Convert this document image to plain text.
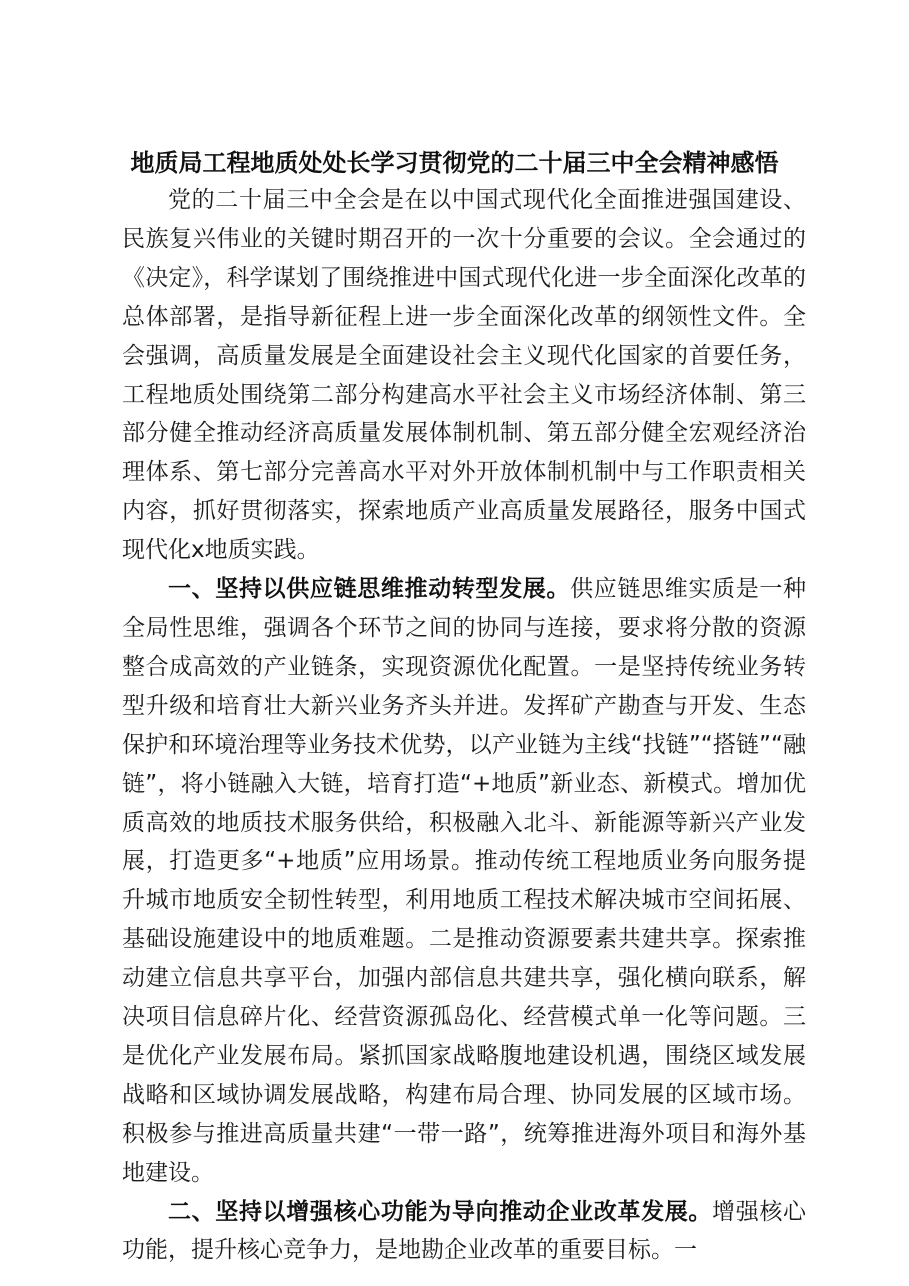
地质局工程地质处处长学习贯彻党的二十届三中全会精神感悟

党的二十届三中全会是在以中国式现代化全面推进强国建设、民族复兴伟业的关键时期召开的一次十分重要的会议。全会通过的《决定》，科学谋划了围绕推进中国式现代化进一步全面深化改革的总体部署，是指导新征程上进一步全面深化改革的纲领性文件。全会强调，高质量发展是全面建设社会主义现代化国家的首要任务，工程地质处围绕第二部分构建高水平社会主义市场经济体制、第三部分健全推动经济高质量发展体制机制、第五部分健全宏观经济治理体系、第七部分完善高水平对外开放体制机制中与工作职责相关内容，抓好贯彻落实，探索地质产业高质量发展路径，服务中国式现代化x地质实践。

一、坚持以供应链思维推动转型发展。供应链思维实质是一种全局性思维，强调各个环节之间的协同与连接，要求将分散的资源整合成高效的产业链条，实现资源优化配置。一是坚持传统业务转型升级和培育壮大新兴业务齐头并进。发挥矿产勘查与开发、生态保护和环境治理等业务技术优势，以产业链为主线“找链”“搭链”“融链”，将小链融入大链，培育打造“+地质”新业态、新模式。增加优质高效的地质技术服务供给，积极融入北斗、新能源等新兴产业发展，打造更多“+地质”应用场景。推动传统工程地质业务向服务提升城市地质安全韧性转型，利用地质工程技术解决城市空间拓展、基础设施建设中的地质难题。二是推动资源要素共建共享。探索推动建立信息共享平台，加强内部信息共建共享，强化横向联系，解决项目信息碎片化、经营资源孤岛化、经营模式单一化等问题。三是优化产业发展布局。紧抓国家战略腹地建设机遇，围绕区域发展战略和区域协调发展战略，构建布局合理、协同发展的区域市场。积极参与推进高质量共建“一带一路”，统筹推进海外项目和海外基地建设。

二、坚持以增强核心功能为导向推动企业改革发展。增强核心功能，提升核心竞争力，是地勘企业改革的重要目标。一
